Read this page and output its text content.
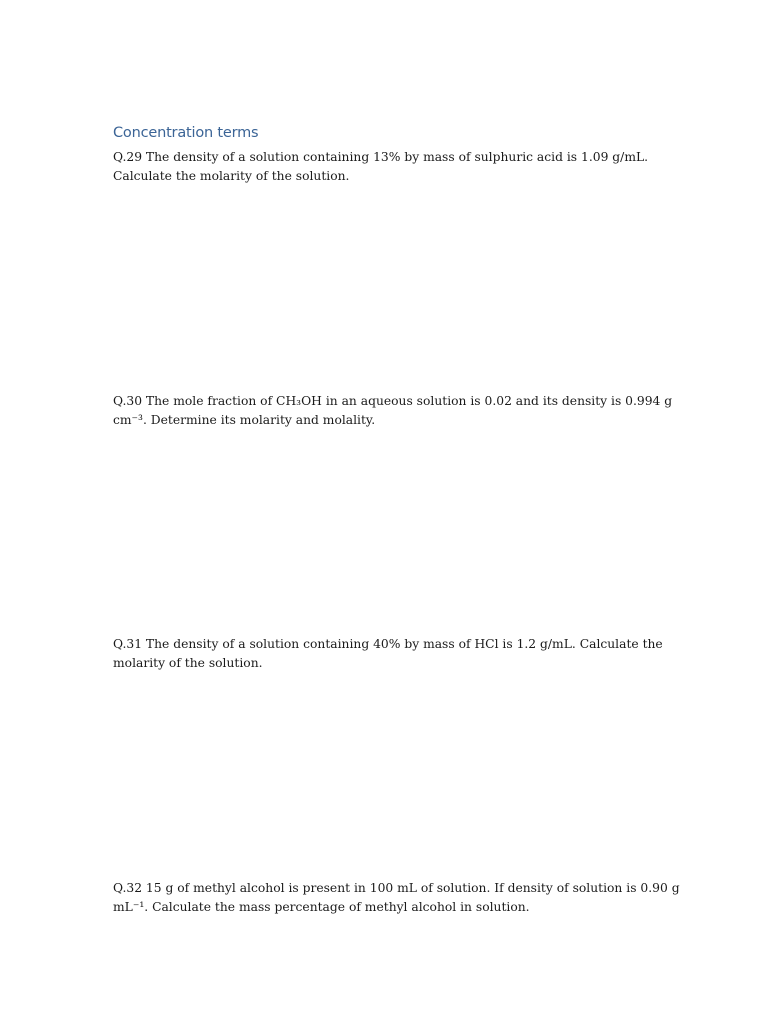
Concentration terms

Q.29 The density of a solution containing 13% by mass of sulphuric acid is 1.09 g/mL.
Calculate the molarity of the solution.

Q.30 The mole fraction of CH₃OH in an aqueous solution is 0.02 and its density is 0.994 g
cm⁻³. Determine its molarity and molality.

Q.31 The density of a solution containing 40% by mass of HCl is 1.2 g/mL. Calculate the
molarity of the solution.

Q.32 15 g of methyl alcohol is present in 100 mL of solution. If density of solution is 0.90 g
mL⁻¹. Calculate the mass percentage of methyl alcohol in solution.
